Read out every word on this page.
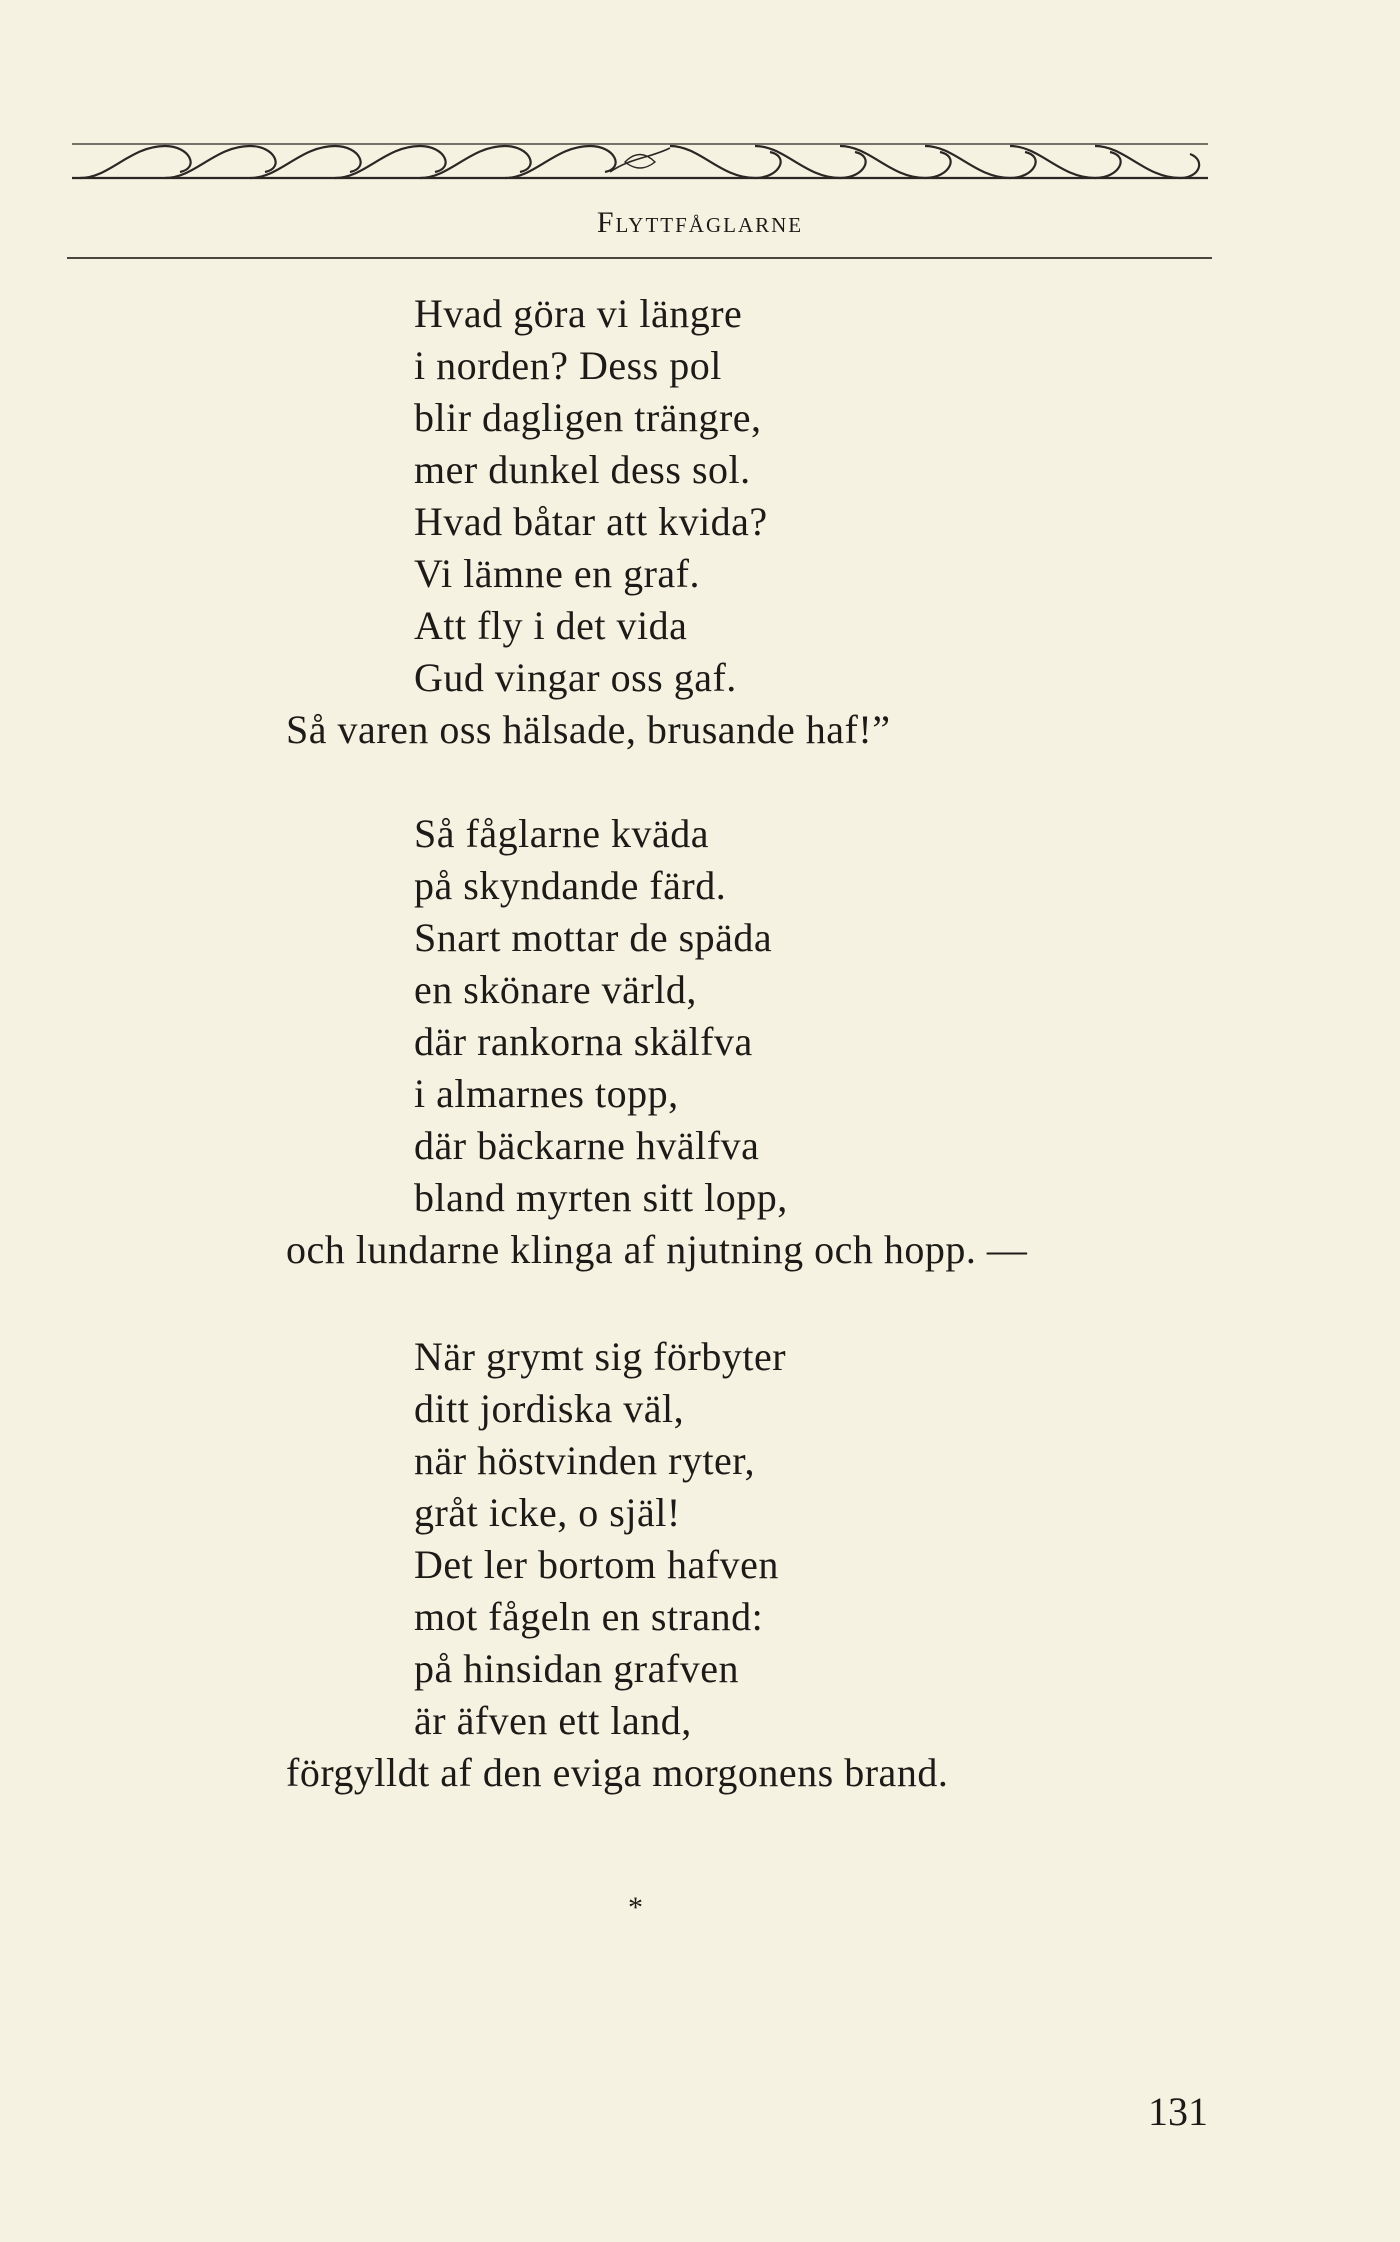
Flyttfåglarne
Hvad göra vi längre
i norden? Dess pol
blir dagligen trängre,
mer dunkel dess sol.
Hvad båtar att kvida?
Vi lämne en graf.
Att fly i det vida
Gud vingar oss gaf.
Så varen oss hälsade, brusande haf!”
Så fåglarne kväda
på skyndande färd.
Snart mottar de späda
en skönare värld,
där rankorna skälfva
i almarnes topp,
där bäckarne hvälfva
bland myrten sitt lopp,
och lundarne klinga af njutning och hopp. —
När grymt sig förbyter
ditt jordiska väl,
när höstvinden ryter,
gråt icke, o själ!
Det ler bortom hafven
mot fågeln en strand:
på hinsidan grafven
är äfven ett land,
förgylldt af den eviga morgonens brand.
*
131
